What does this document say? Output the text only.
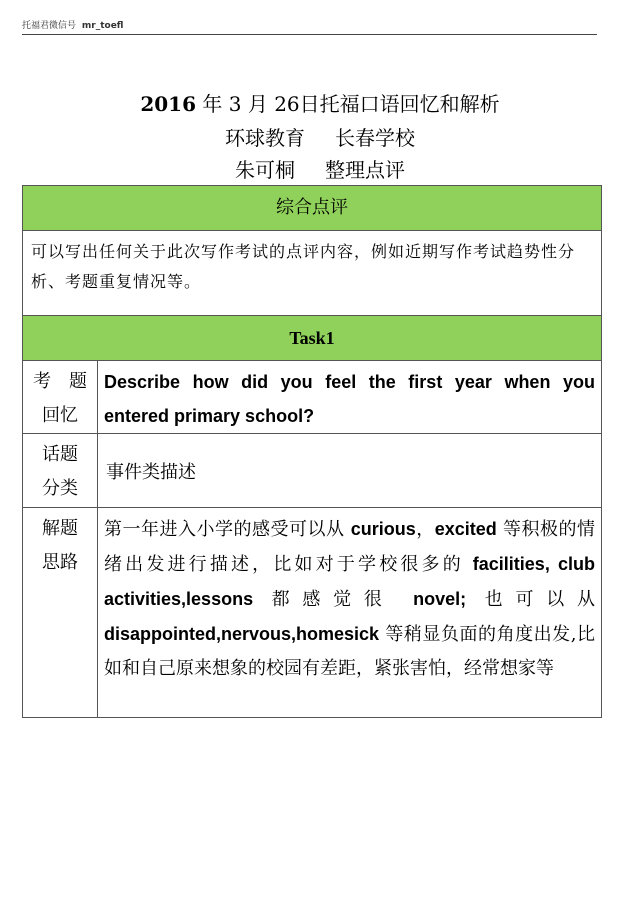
托福君微信号 mr_toefl
2016 年 3 月 26日托福口语回忆和解析
环球教育 长春学校
朱可桐 整理点评
综合点评	
可以写出任何关于此次写作考试的点评内容，例如近期写作考试趋势性分析、考题重复情况等。	
Task1	

考　题
回忆	Describe how did you feel the first year when you entered primary school?

话题
分类	事件类描述

解题
思路	第一年进入小学的感受可以从 curious，excited 等积极的情绪出发进行描述，比如对于学校很多的 facilities, club activities,lessons 都感觉很 novel; 也可以从 disappointed,nervous,homesick 等稍显负面的角度出发,比如和自己原来想象的校园有差距，紧张害怕，经常想家等
